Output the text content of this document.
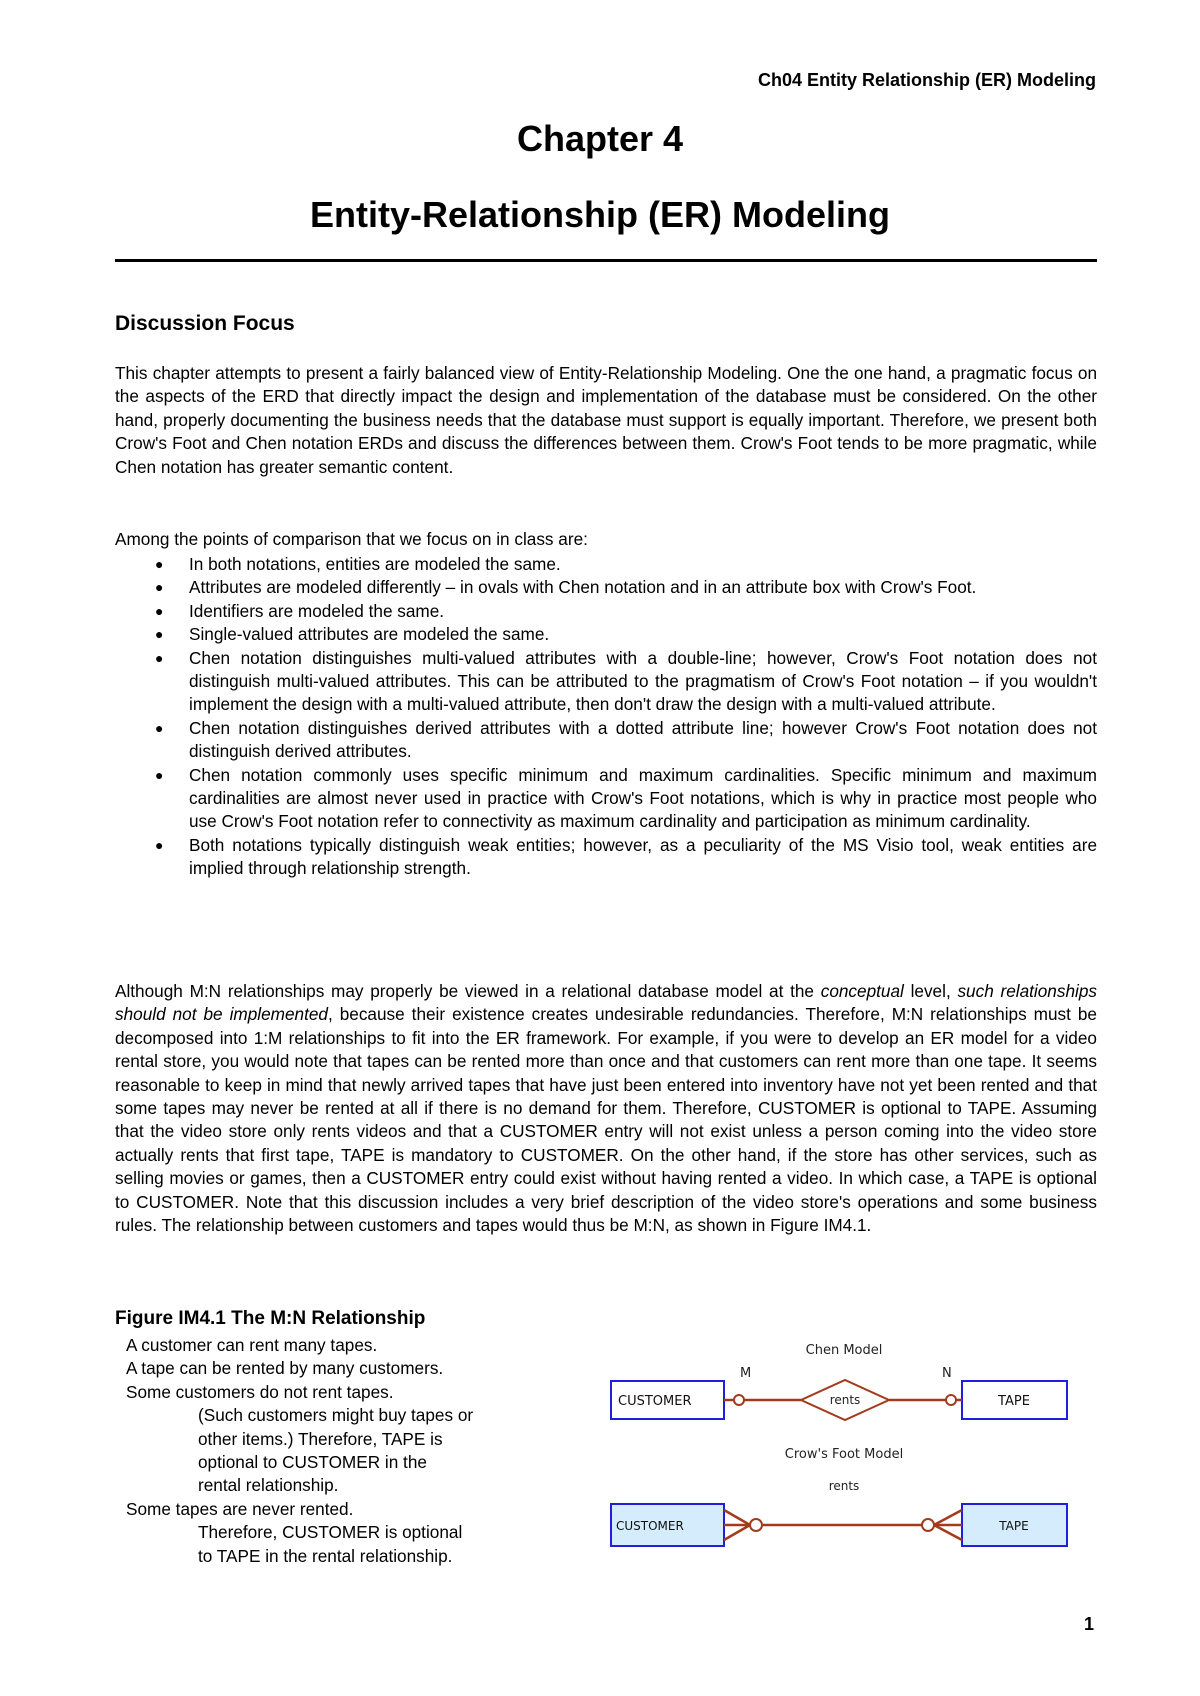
Ch04 Entity Relationship (ER) Modeling
Chapter 4
Entity-Relationship (ER) Modeling
Discussion Focus
This chapter attempts to present a fairly balanced view of Entity-Relationship Modeling. One the one hand, a pragmatic focus on the aspects of the ERD that directly impact the design and implementation of the database must be considered. On the other hand, properly documenting the business needs that the database must support is equally important. Therefore, we present both Crow's Foot and Chen notation ERDs and discuss the differences between them. Crow's Foot tends to be more pragmatic, while Chen notation has greater semantic content.
Among the points of comparison that we focus on in class are:
● In both notations, entities are modeled the same.
● Attributes are modeled differently – in ovals with Chen notation and in an attribute box with Crow's Foot.
● Identifiers are modeled the same.
● Single-valued attributes are modeled the same.
● Chen notation distinguishes multi-valued attributes with a double-line; however, Crow's Foot notation does not distinguish multi-valued attributes. This can be attributed to the pragmatism of Crow's Foot notation – if you wouldn't implement the design with a multi-valued attribute, then don't draw the design with a multi-valued attribute.
● Chen notation distinguishes derived attributes with a dotted attribute line; however Crow's Foot notation does not distinguish derived attributes.
● Chen notation commonly uses specific minimum and maximum cardinalities. Specific minimum and maximum cardinalities are almost never used in practice with Crow's Foot notations, which is why in practice most people who use Crow's Foot notation refer to connectivity as maximum cardinality and participation as minimum cardinality.
● Both notations typically distinguish weak entities; however, as a peculiarity of the MS Visio tool, weak entities are implied through relationship strength.
Although M:N relationships may properly be viewed in a relational database model at the conceptual level, such relationships should not be implemented, because their existence creates undesirable redundancies. Therefore, M:N relationships must be decomposed into 1:M relationships to fit into the ER framework. For example, if you were to develop an ER model for a video rental store, you would note that tapes can be rented more than once and that customers can rent more than one tape. It seems reasonable to keep in mind that newly arrived tapes that have just been entered into inventory have not yet been rented and that some tapes may never be rented at all if there is no demand for them. Therefore, CUSTOMER is optional to TAPE. Assuming that the video store only rents videos and that a CUSTOMER entry will not exist unless a person coming into the video store actually rents that first tape, TAPE is mandatory to CUSTOMER. On the other hand, if the store has other services, such as selling movies or games, then a CUSTOMER entry could exist without having rented a video. In which case, a TAPE is optional to CUSTOMER. Note that this discussion includes a very brief description of the video store's operations and some business rules. The relationship between customers and tapes would thus be M:N, as shown in Figure IM4.1.
Figure IM4.1 The M:N Relationship
A customer can rent many tapes.
A tape can be rented by many customers.
Some customers do not rent tapes.
(Such customers might buy tapes or
other items.) Therefore, TAPE is
optional to CUSTOMER in the
rental relationship.
Some tapes are never rented.
Therefore, CUSTOMER is optional
to TAPE in the rental relationship.
Chen Model
M	N
CUSTOMER	TAPE
rents
Crow's Foot Model
rents
CUSTOMER	TAPE
1
